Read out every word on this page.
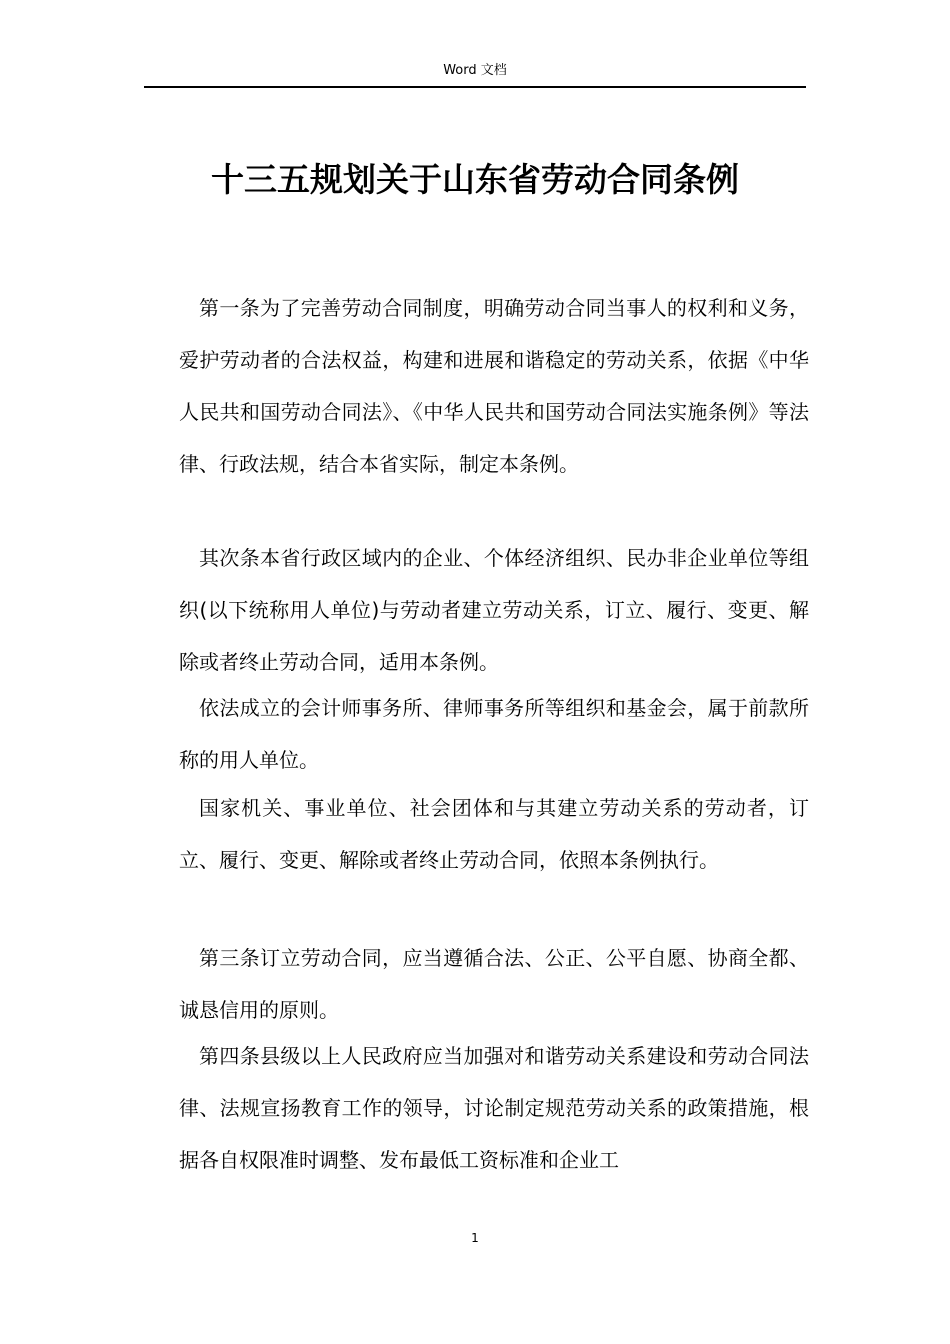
Word 文档
十三五规划关于山东省劳动合同条例

第一条为了完善劳动合同制度，明确劳动合同当事人的权利和义务，爱护劳动者的合法权益，构建和进展和谐稳定的劳动关系，依据《中华人民共和国劳动合同法》、《中华人民共和国劳动合同法实施条例》等法律、行政法规，结合本省实际，制定本条例。

其次条本省行政区域内的企业、个体经济组织、民办非企业单位等组织(以下统称用人单位)与劳动者建立劳动关系，订立、履行、变更、解除或者终止劳动合同，适用本条例。

依法成立的会计师事务所、律师事务所等组织和基金会，属于前款所称的用人单位。

国家机关、事业单位、社会团体和与其建立劳动关系的劳动者，订立、履行、变更、解除或者终止劳动合同，依照本条例执行。

第三条订立劳动合同，应当遵循合法、公正、公平自愿、协商全都、诚恳信用的原则。

第四条县级以上人民政府应当加强对和谐劳动关系建设和劳动合同法律、法规宣扬教育工作的领导，讨论制定规范劳动关系的政策措施，根据各自权限准时调整、发布最低工资标准和企业工

1
